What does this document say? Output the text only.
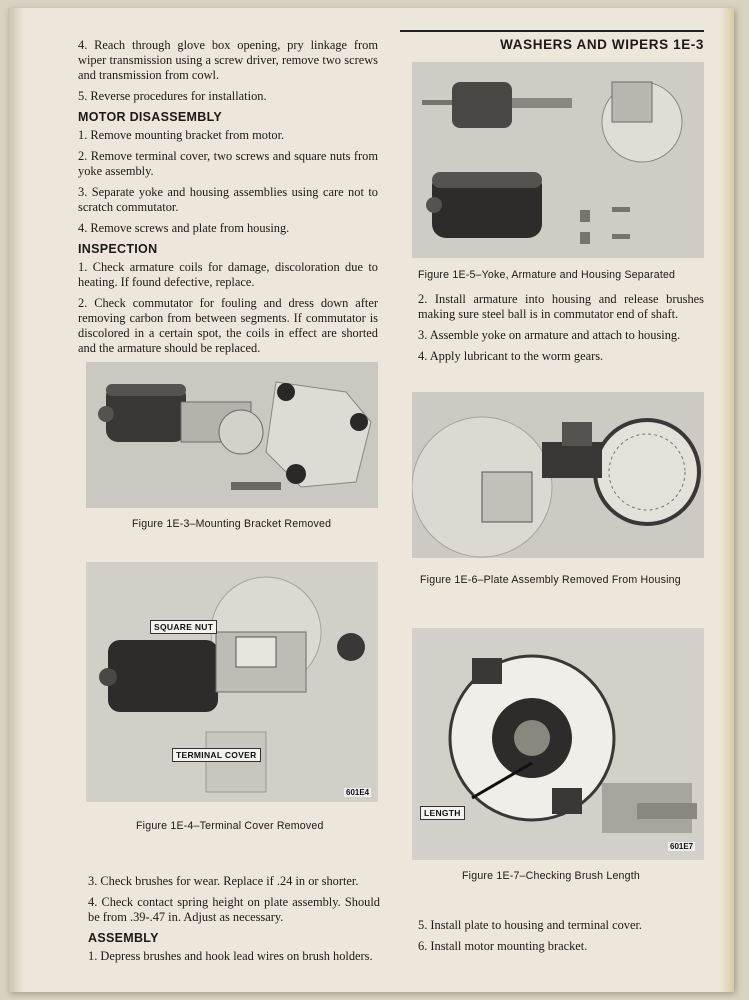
WASHERS AND WIPERS 1E-3

4. Reach through glove box opening, pry linkage from wiper transmission using a screw driver, remove two screws and transmission from cowl.

5. Reverse procedures for installation.

MOTOR DISASSEMBLY

1. Remove mounting bracket from motor.

2. Remove terminal cover, two screws and square nuts from yoke assembly.

3. Separate yoke and housing assemblies using care not to scratch commutator.

4. Remove screws and plate from housing.

INSPECTION

1. Check armature coils for damage, discoloration due to heating. If found defective, replace.

2. Check commutator for fouling and dress down after removing carbon from between segments. If commutator is discolored in a certain spot, the coils in effect are shorted and the armature should be replaced.

Figure 1E-3–Mounting Bracket Removed
SQUARE NUT
TERMINAL COVER
601E4
Figure 1E-4–Terminal Cover Removed

3. Check brushes for wear. Replace if .24 in or shorter.

4. Check contact spring height on plate assembly. Should be from .39-.47 in. Adjust as necessary.

ASSEMBLY

1. Depress brushes and hook lead wires on brush holders.

Figure 1E-5–Yoke, Armature and Housing Separated

2. Install armature into housing and release brushes making sure steel ball is in commutator end of shaft.

3. Assemble yoke on armature and attach to housing.

4. Apply lubricant to the worm gears.

Figure 1E-6–Plate Assembly Removed From Housing
LENGTH
601E7
Figure 1E-7–Checking Brush Length

5. Install plate to housing and terminal cover.

6. Install motor mounting bracket.
